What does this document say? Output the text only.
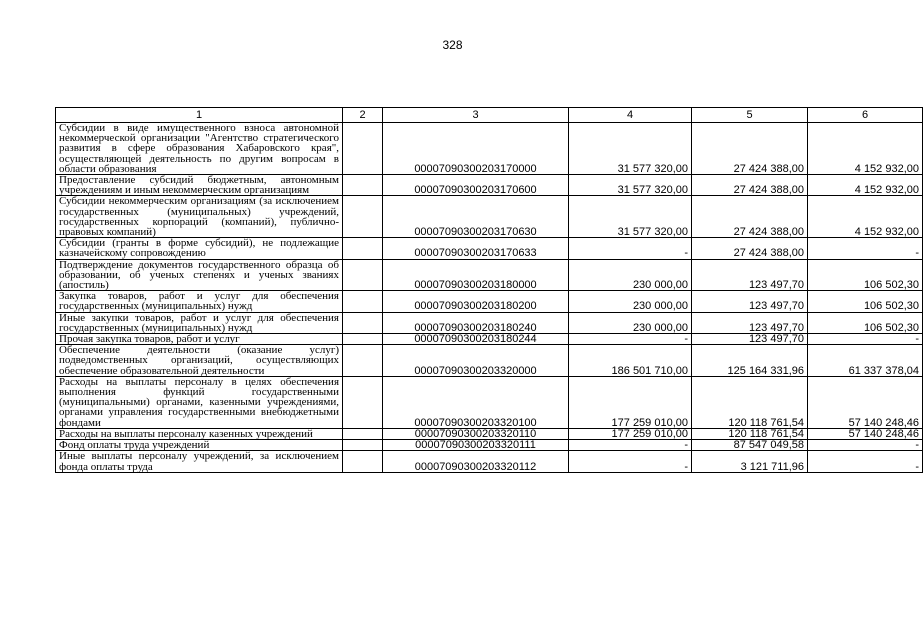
328
1	2	3	4	5	6
Субсидии в виде имущественного взноса автономной некоммерческой организации "Агентство стратегического развития в сфере образования Хабаровского края", осуществляющей деятельность по другим вопросам в области образования		00007090300203170000	31 577 320,00	27 424 388,00	4 152 932,00
Предоставление субсидий бюджетным, автономным учреждениям и иным некоммерческим организациям		00007090300203170600	31 577 320,00	27 424 388,00	4 152 932,00
Субсидии некоммерческим организациям (за исключением государственных (муниципальных) учреждений, государственных корпораций (компаний), публично-правовых компаний)		00007090300203170630	31 577 320,00	27 424 388,00	4 152 932,00
Субсидии (гранты в форме субсидий), не подлежащие казначейскому сопровождению		00007090300203170633	-	27 424 388,00	-
Подтверждение документов государственного образца об образовании, об ученых степенях и ученых званиях (апостиль)		00007090300203180000	230 000,00	123 497,70	106 502,30
Закупка товаров, работ и услуг для обеспечения государственных (муниципальных) нужд		00007090300203180200	230 000,00	123 497,70	106 502,30
Иные закупки товаров, работ и услуг для обеспечения государственных (муниципальных) нужд		00007090300203180240	230 000,00	123 497,70	106 502,30
Прочая закупка товаров, работ и услуг		00007090300203180244	-	123 497,70	-
Обеспечение деятельности (оказание услуг) подведомственных организаций, осуществляющих обеспечение образовательной деятельности		00007090300203320000	186 501 710,00	125 164 331,96	61 337 378,04
Расходы на выплаты персоналу в целях обеспечения выполнения функций государственными (муниципальными) органами, казенными учреждениями, органами управления государственными внебюджетными фондами		00007090300203320100	177 259 010,00	120 118 761,54	57 140 248,46
Расходы на выплаты персоналу казенных учреждений		00007090300203320110	177 259 010,00	120 118 761,54	57 140 248,46
Фонд оплаты труда учреждений		00007090300203320111	-	87 547 049,58	-
Иные выплаты персоналу учреждений, за исключением фонда оплаты труда		00007090300203320112	-	3 121 711,96	-
